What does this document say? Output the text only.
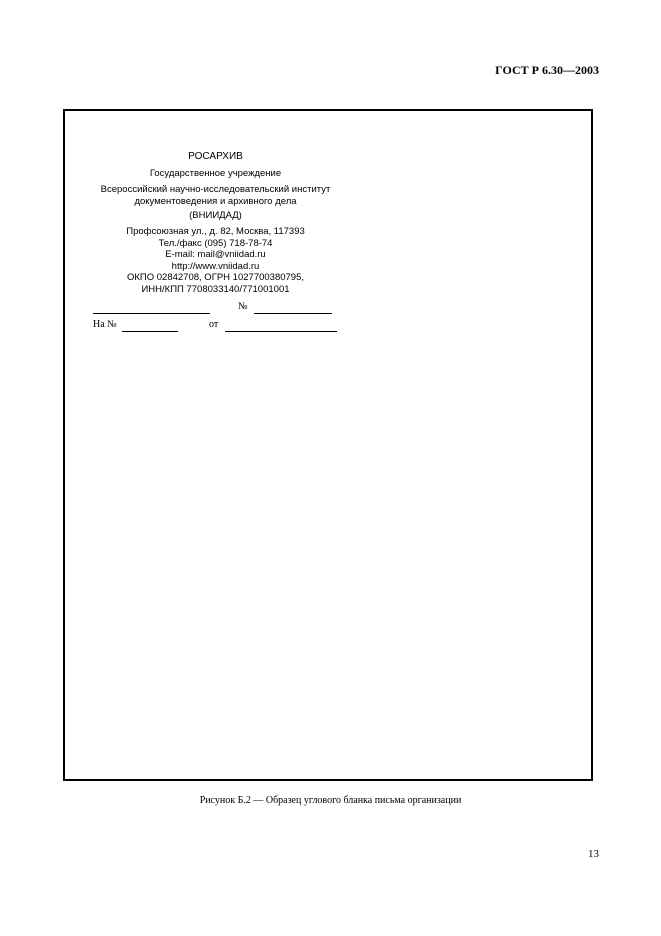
ГОСТ Р 6.30—2003
РОСАРХИВ
Государственное учреждение
Всероссийский научно-исследовательский институт
документоведения и архивного дела
(ВНИИДАД)
Профсоюзная ул., д. 82, Москва, 117393
Тел./факс (095) 718-78-74
E-mail: mail@vniidad.ru
http://www.vniidad.ru
ОКПО 02842708, ОГРН 1027700380795,
ИНН/КПП 7708033140/771001001
№
На №	от
Рисунок Б.2 — Образец углового бланка письма организации
13
